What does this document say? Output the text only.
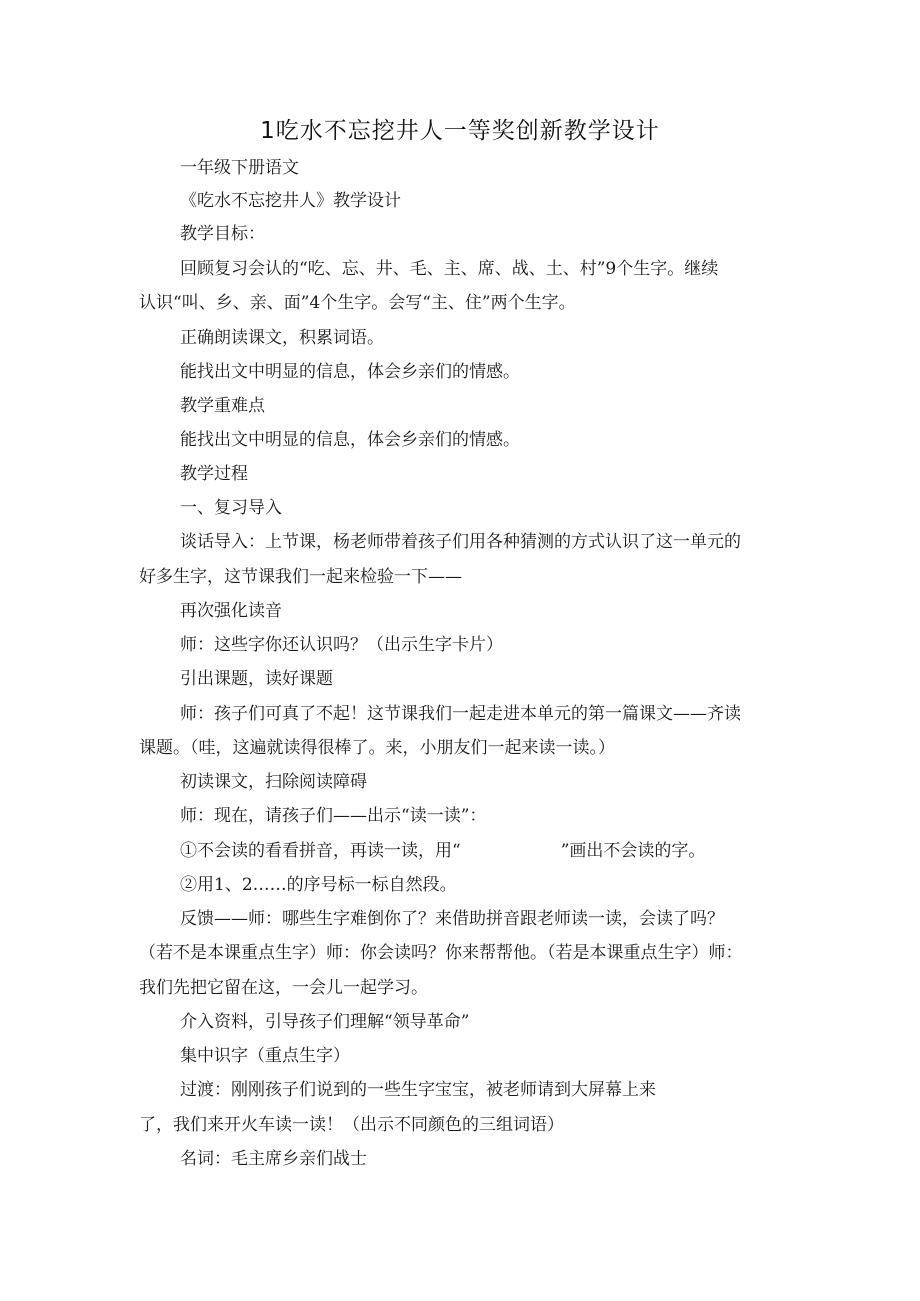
1吃水不忘挖井人一等奖创新教学设计
一年级下册语文
《吃水不忘挖井人》教学设计
教学目标：
回顾复习会认的“吃、忘、井、毛、主、席、战、土、村”9个生字。继续
认识“叫、乡、亲、面”4个生字。会写“主、住”两个生字。
正确朗读课文，积累词语。
能找出文中明显的信息，体会乡亲们的情感。
教学重难点
能找出文中明显的信息，体会乡亲们的情感。
教学过程
一、复习导入
谈话导入：上节课，杨老师带着孩子们用各种猜测的方式认识了这一单元的
好多生字，这节课我们一起来检验一下——
再次强化读音
师：这些字你还认识吗？（出示生字卡片）
引出课题，读好课题
师：孩子们可真了不起！这节课我们一起走进本单元的第一篇课文——齐读
课题。（哇，这遍就读得很棒了。来，小朋友们一起来读一读。）
初读课文，扫除阅读障碍
师：现在，请孩子们——出示“读一读”：
①不会读的看看拼音，再读一读，用“	”画出不会读的字。
②用1、2……的序号标一标自然段。
反馈——师：哪些生字难倒你了？来借助拼音跟老师读一读，会读了吗？
（若不是本课重点生字）师：你会读吗？你来帮帮他。（若是本课重点生字）师：
我们先把它留在这，一会儿一起学习。
介入资料，引导孩子们理解“领导革命”
集中识字（重点生字）
过渡：刚刚孩子们说到的一些生字宝宝，被老师请到大屏幕上来
了，我们来开火车读一读！（出示不同颜色的三组词语）
名词：毛主席乡亲们战士
